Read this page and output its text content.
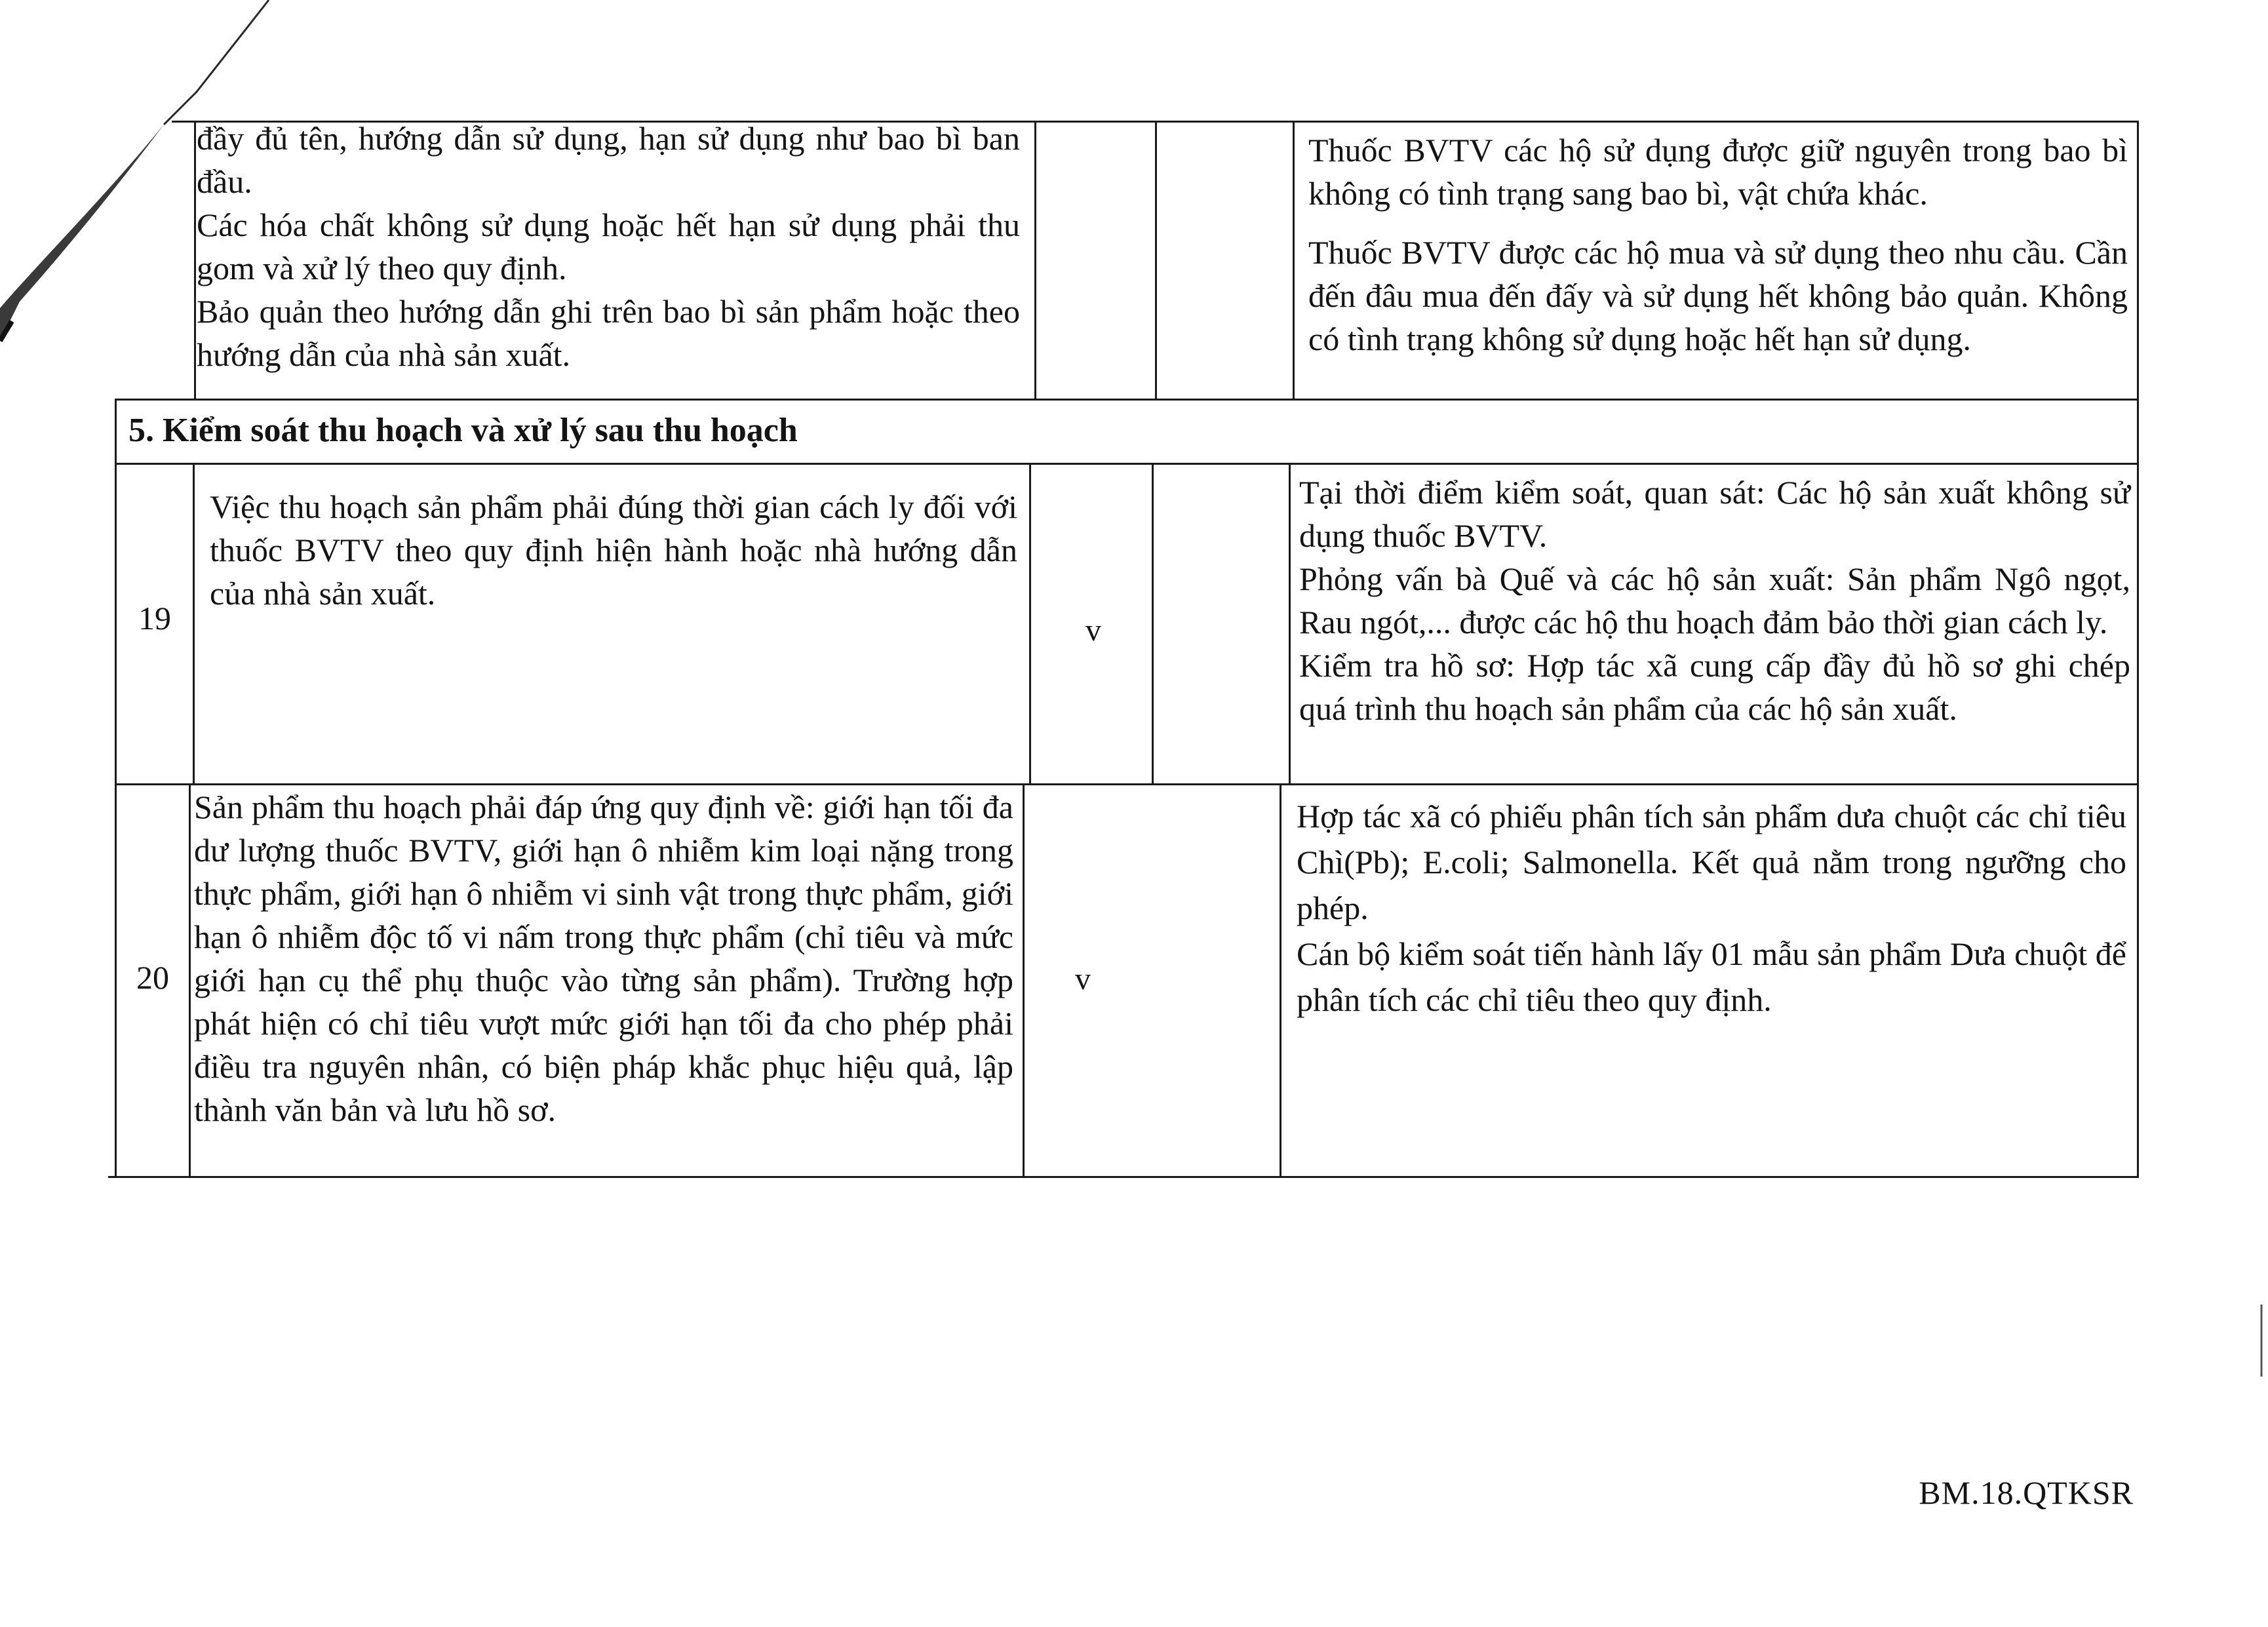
đầy đủ tên, hướng dẫn sử dụng, hạn sử dụng như bao bì ban đầu.

Các hóa chất không sử dụng hoặc hết hạn sử dụng phải thu gom và xử lý theo quy định.

Bảo quản theo hướng dẫn ghi trên bao bì sản phẩm hoặc theo hướng dẫn của nhà sản xuất.

Thuốc BVTV các hộ sử dụng được giữ nguyên trong bao bì không có tình trạng sang bao bì, vật chứa khác.

Thuốc BVTV được các hộ mua và sử dụng theo nhu cầu. Cần đến đâu mua đến đấy và sử dụng hết không bảo quản. Không có tình trạng không sử dụng hoặc hết hạn sử dụng.

5. Kiểm soát thu hoạch và xử lý sau thu hoạch
19
Việc thu hoạch sản phẩm phải đúng thời gian cách ly đối với thuốc BVTV theo quy định hiện hành hoặc nhà hướng dẫn của nhà sản xuất.
v

Tại thời điểm kiểm soát, quan sát: Các hộ sản xuất không sử dụng thuốc BVTV.

Phỏng vấn bà Quế và các hộ sản xuất: Sản phẩm Ngô ngọt, Rau ngót,... được các hộ thu hoạch đảm bảo thời gian cách ly.

Kiểm tra hồ sơ: Hợp tác xã cung cấp đầy đủ hồ sơ ghi chép quá trình thu hoạch sản phẩm của các hộ sản xuất.

20
Sản phẩm thu hoạch phải đáp ứng quy định về: giới hạn tối đa dư lượng thuốc BVTV, giới hạn ô nhiễm kim loại nặng trong thực phẩm, giới hạn ô nhiễm vi sinh vật trong thực phẩm, giới hạn ô nhiễm độc tố vi nấm trong thực phẩm (chỉ tiêu và mức giới hạn cụ thể phụ thuộc vào từng sản phẩm). Trường hợp phát hiện có chỉ tiêu vượt mức giới hạn tối đa cho phép phải điều tra nguyên nhân, có biện pháp khắc phục hiệu quả, lập thành văn bản và lưu hồ sơ.
v

Hợp tác xã có phiếu phân tích sản phẩm dưa chuột các chỉ tiêu Chì(Pb); E.coli; Salmonella. Kết quả nằm trong ngưỡng cho phép.

Cán bộ kiểm soát tiến hành lấy 01 mẫu sản phẩm Dưa chuột để phân tích các chỉ tiêu theo quy định.

BM.18.QTKSR
